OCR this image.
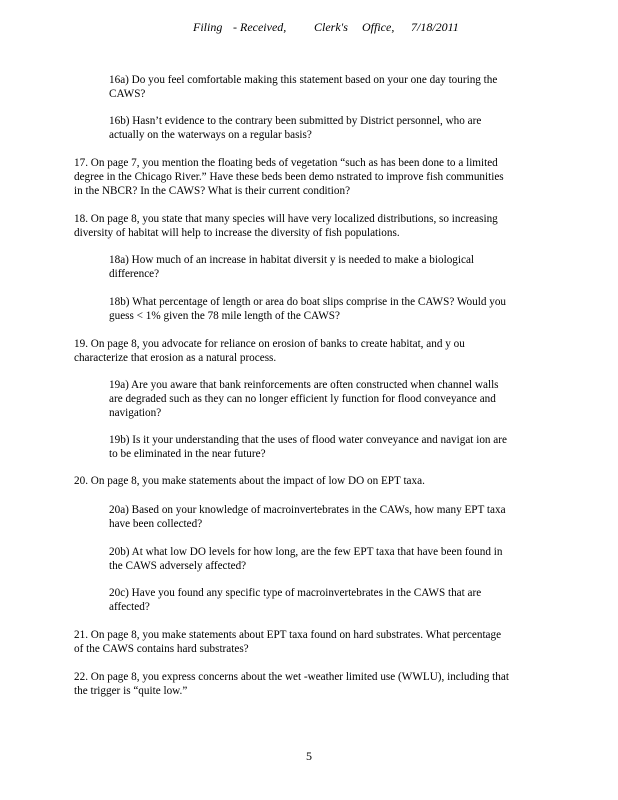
Filing - Received, Clerk's Office, 7/18/2011

16a) Do you feel comfortable making this statement based on your one day touring the
CAWS?

16b) Hasn’t evidence to the contrary been submitted by District personnel, who are
actually on the waterways on a regular basis?

17. On page 7, you mention the floating beds of vegetation “such as has been done to a limited
degree in the Chicago River.” Have these beds been demo nstrated to improve fish communities
in the NBCR? In the CAWS? What is their current condition?

18. On page 8, you state that many species will have very localized distributions, so increasing
diversity of habitat will help to increase the diversity of fish populations.

18a) How much of an increase in habitat diversit y is needed to make a biological
difference?

18b) What percentage of length or area do boat slips comprise in the CAWS? Would you
guess < 1% given the 78 mile length of the CAWS?

19. On page 8, you advocate for reliance on erosion of banks to create habitat, and y ou
characterize that erosion as a natural process.

19a) Are you aware that bank reinforcements are often constructed when channel walls
are degraded such as they can no longer efficient ly function for flood conveyance and
navigation?

19b) Is it your understanding that the uses of flood water conveyance and navigat ion are
to be eliminated in the near future?

20. On page 8, you make statements about the impact of low DO on EPT taxa.

20a) Based on your knowledge of macroinvertebrates in the CAWs, how many EPT taxa
have been collected?

20b) At what low DO levels for how long, are the few EPT taxa that have been found in
the CAWS adversely affected?

20c) Have you found any specific type of macroinvertebrates in the CAWS that are
affected?

21. On page 8, you make statements about EPT taxa found on hard substrates. What percentage
of the CAWS contains hard substrates?

22. On page 8, you express concerns about the wet -weather limited use (WWLU), including that
the trigger is “quite low.”

5
